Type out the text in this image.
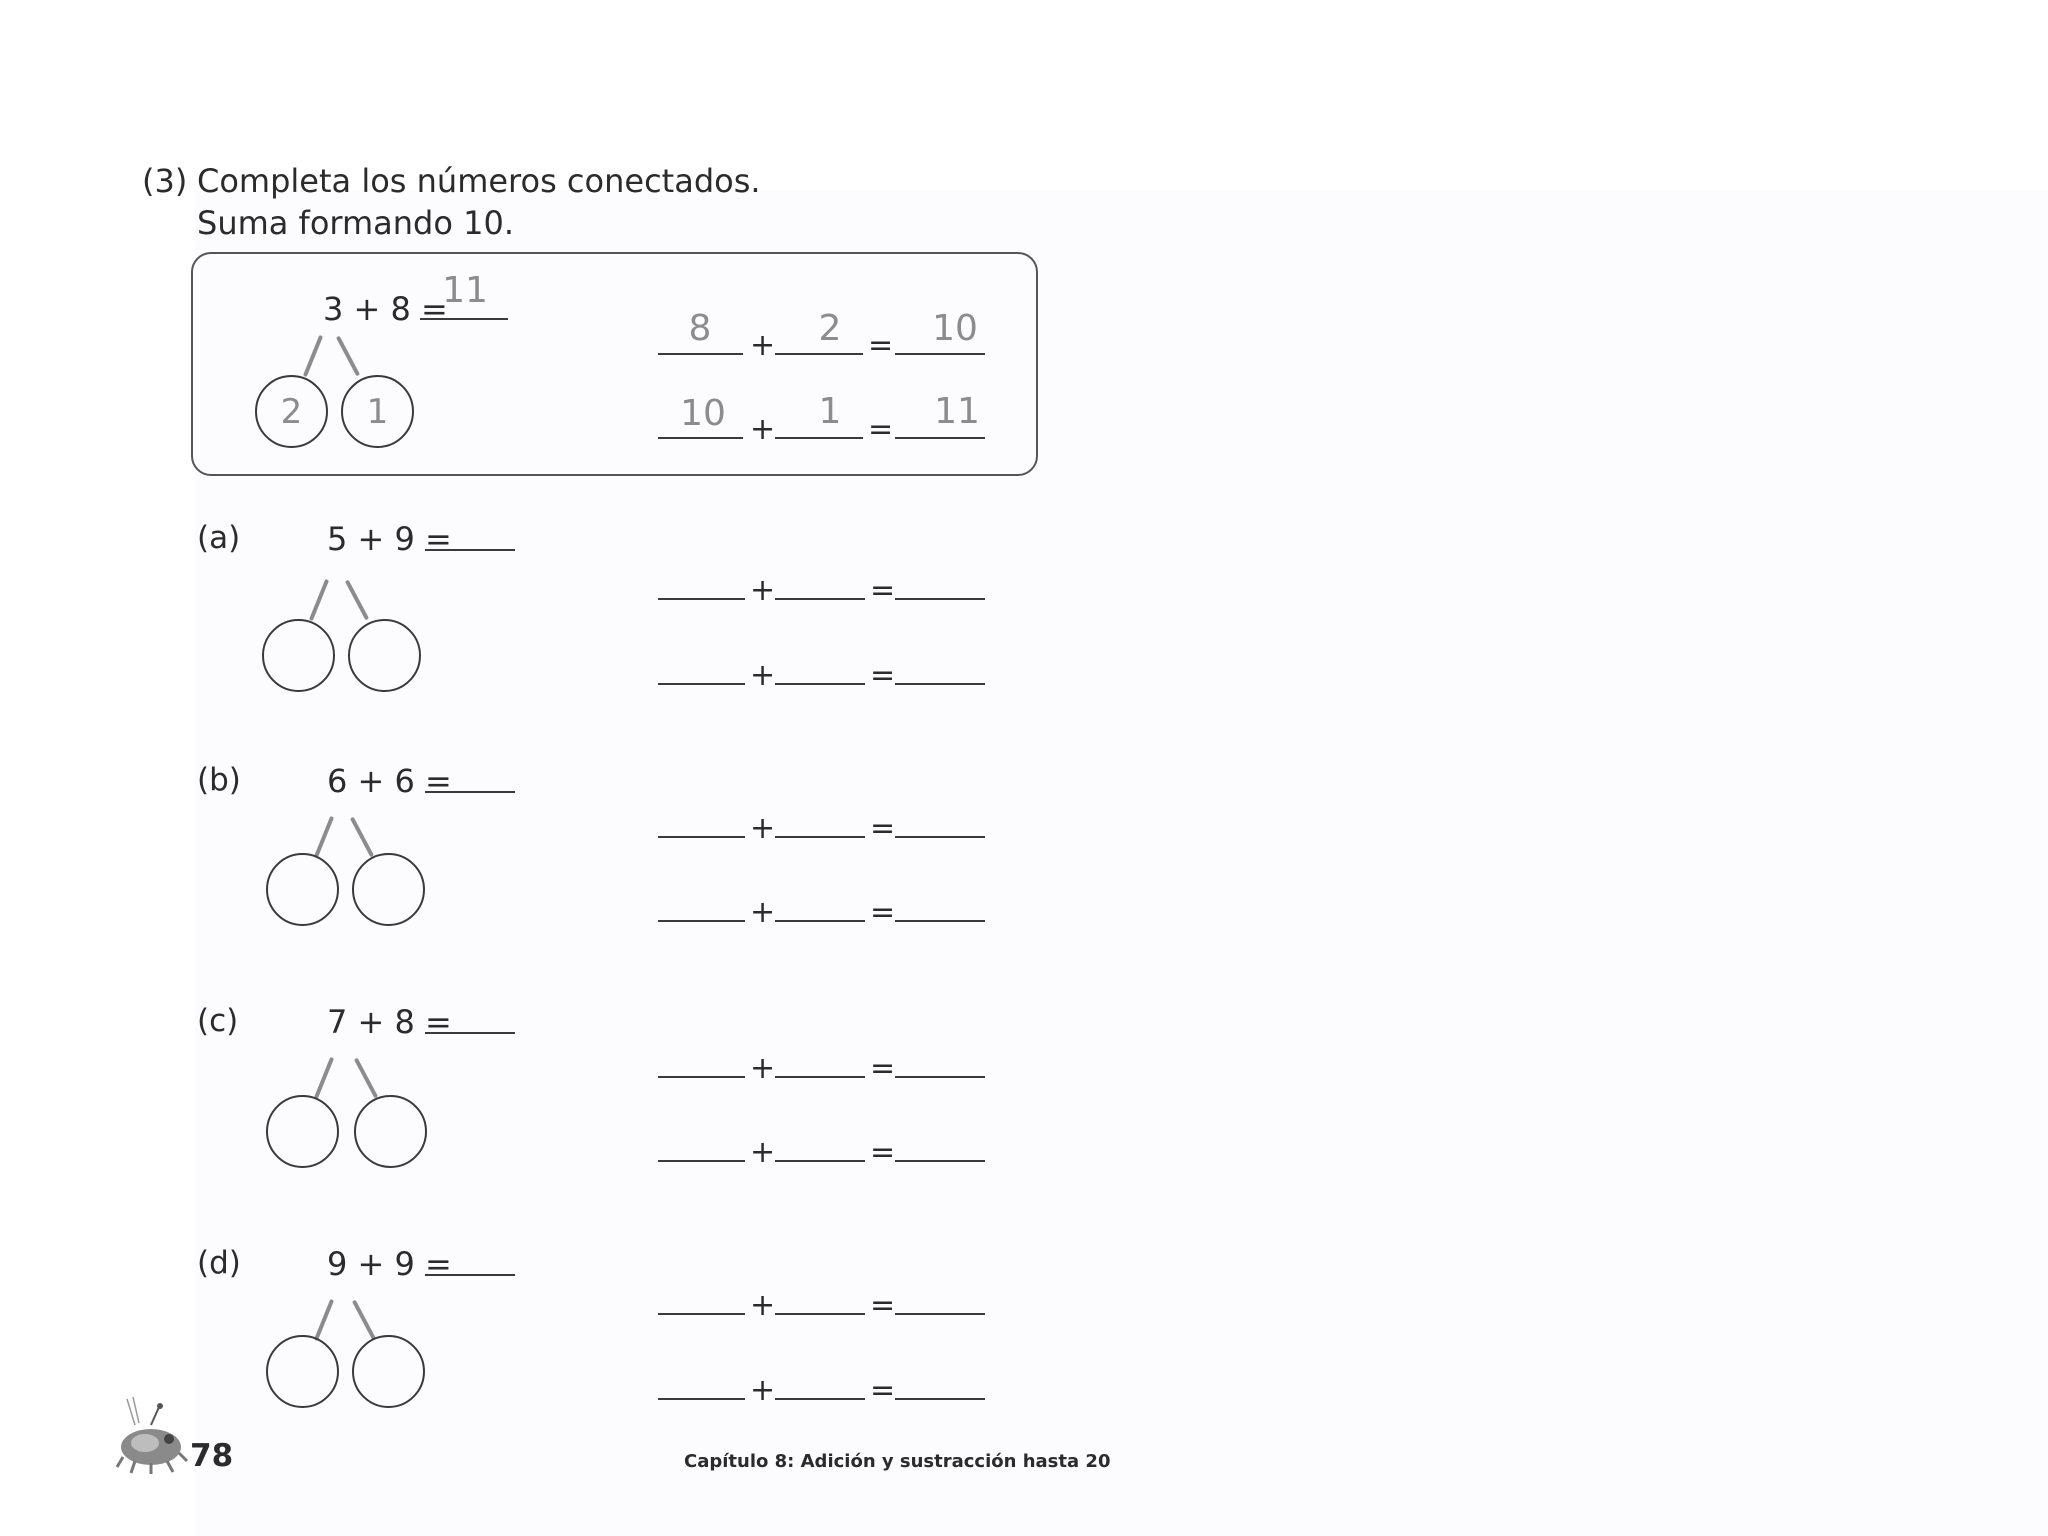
(3) Completa los números conectados.
Suma formando 10.
3 + 8 =
11
2	1
8	+	2 = 10
10 +	1 = 11
(a)	5 + 9 =
+	=
+	=
(b)	6 + 6 =
+	=
+	=
(c)	7 + 8 =
+	=
+	=
(d)	9 + 9 =
+	=
+	=
78	Capítulo 8: Adición y sustracción hasta 20
